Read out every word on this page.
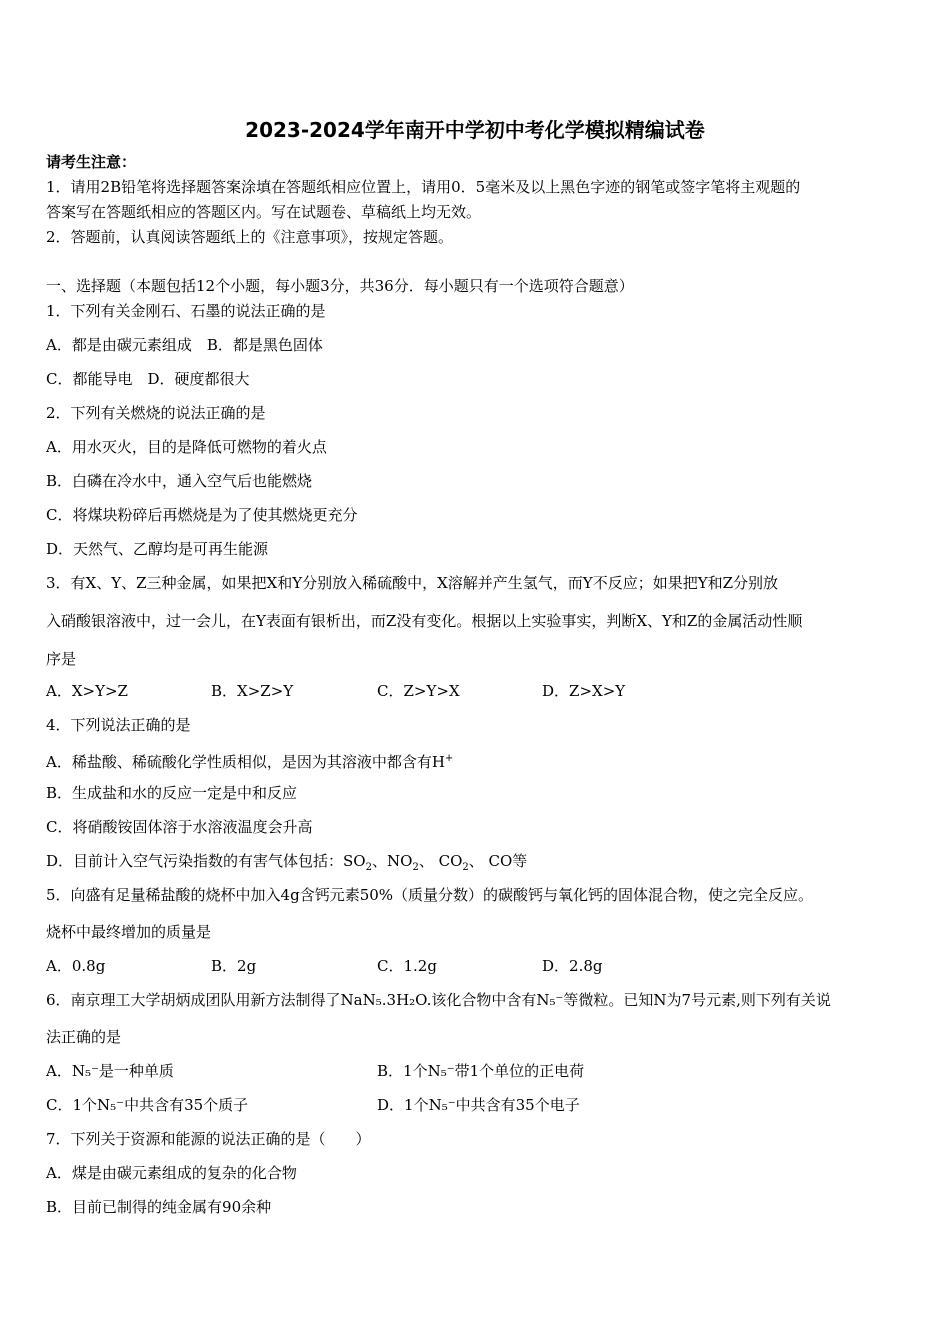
2023-2024学年南开中学初中考化学模拟精编试卷
请考生注意：
1．请用2B铅笔将选择题答案涂填在答题纸相应位置上，请用0．5毫米及以上黑色字迹的钢笔或签字笔将主观题的
答案写在答题纸相应的答题区内。写在试题卷、草稿纸上均无效。
2．答题前，认真阅读答题纸上的《注意事项》，按规定答题。
一、选择题（本题包括12个小题，每小题3分，共36分．每小题只有一个选项符合题意）
1．下列有关金刚石、石墨的说法正确的是
A．都是由碳元素组成　B．都是黑色固体
C．都能导电　D．硬度都很大
2．下列有关燃烧的说法正确的是
A．用水灭火，目的是降低可燃物的着火点
B．白磷在冷水中，通入空气后也能燃烧
C．将煤块粉碎后再燃烧是为了使其燃烧更充分
D．天然气、乙醇均是可再生能源
3．有X、Y、Z三种金属，如果把X和Y分别放入稀硫酸中，X溶解并产生氢气，而Y不反应；如果把Y和Z分别放
入硝酸银溶液中，过一会儿，在Y表面有银析出，而Z没有变化。根据以上实验事实，判断X、Y和Z的金属活动性顺
序是
A．X>Y>Z	B．X>Z>Y	C．Z>Y>X	D．Z>X>Y
4．下列说法正确的是
A．稀盐酸、稀硫酸化学性质相似，是因为其溶液中都含有H+
B．生成盐和水的反应一定是中和反应
C．将硝酸铵固体溶于水溶液温度会升高
D．目前计入空气污染指数的有害气体包括：$SO_2$、$NO_2$、 $CO_2$、 CO等
5．向盛有足量稀盐酸的烧杯中加入4g含钙元素50%（质量分数）的碳酸钙与氧化钙的固体混合物，使之完全反应。
烧杯中最终增加的质量是
A．0.8g	B．2g	C．1.2g	D．2.8g
6．南京理工大学胡炳成团队用新方法制得了NaN₅.3H₂O.该化合物中含有N₅⁻等微粒。已知N为7号元素,则下列有关说
法正确的是
A．N₅⁻是一种单质	B．1个N₅⁻带1个单位的正电荷
C．1个N₅⁻中共含有35个质子	D．1个N₅⁻中共含有35个电子
7．下列关于资源和能源的说法正确的是（　　）
A．煤是由碳元素组成的复杂的化合物
B．目前已制得的纯金属有90余种
